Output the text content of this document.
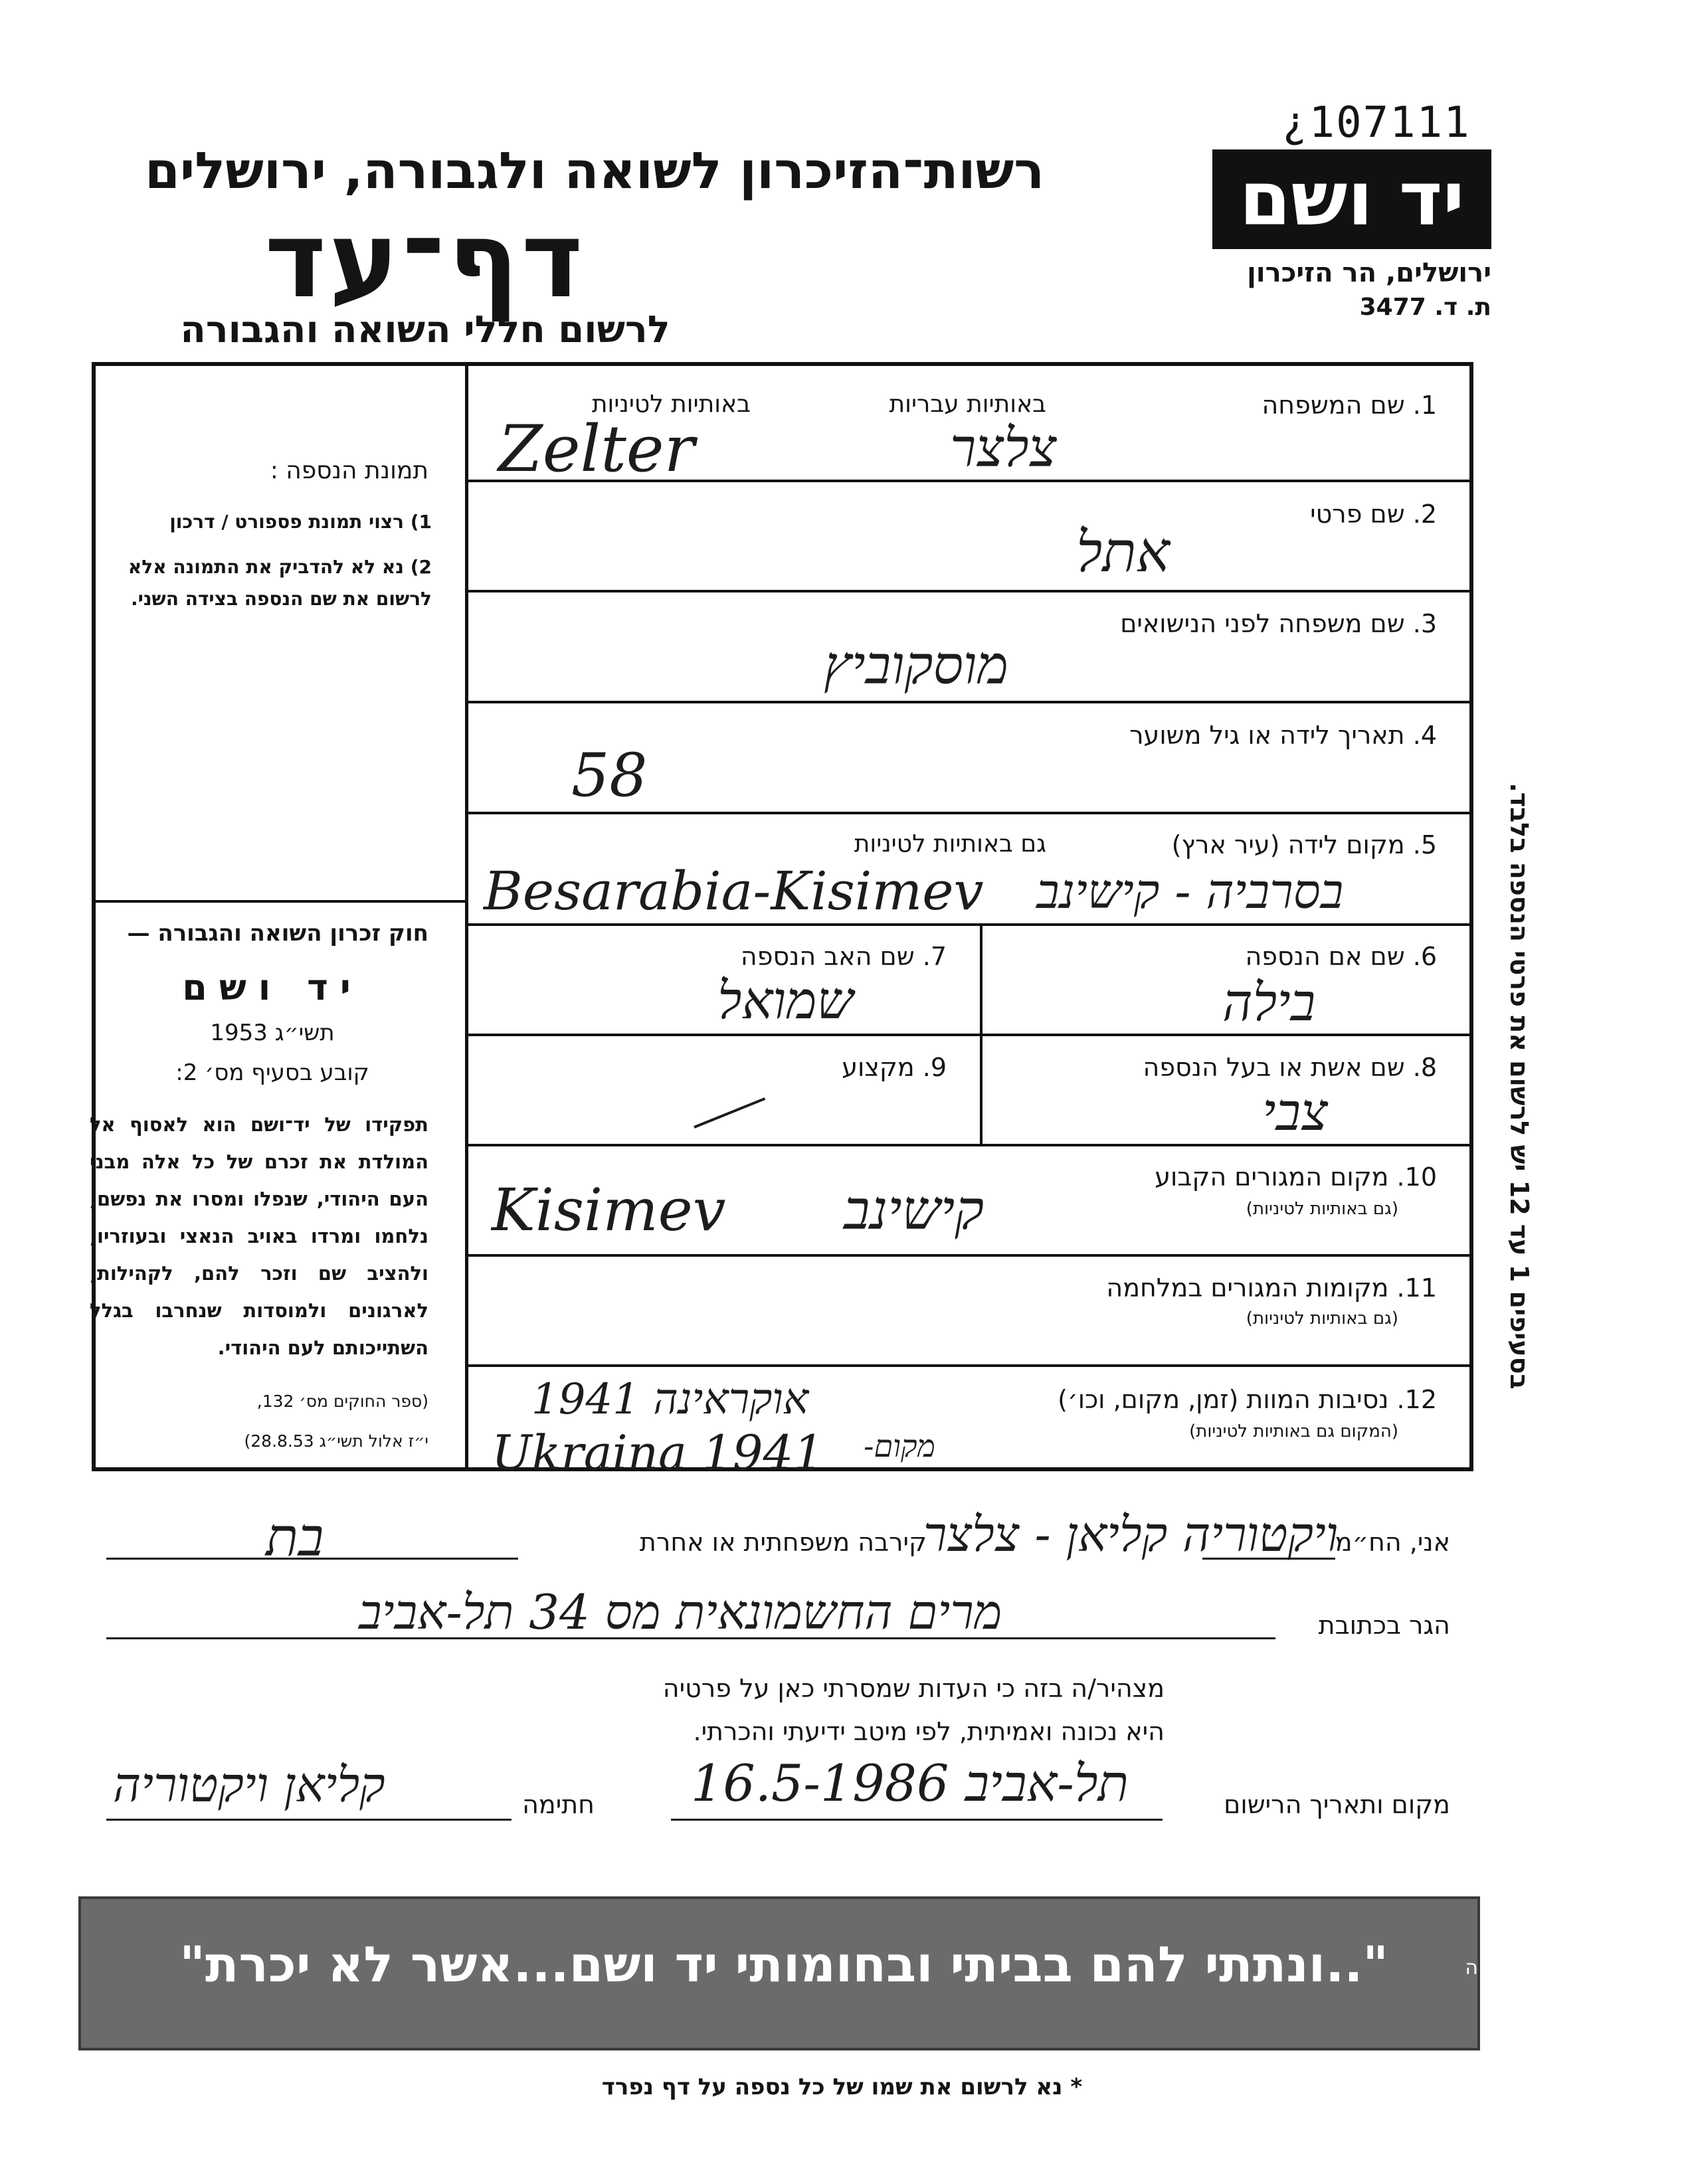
¿107111
יד ושם
ירושלים, הר הזיכרון
ת. ד. 3477
רשות־הזיכרון לשואה ולגבורה, ירושלים
דף־עד
לרשום חללי השואה והגבורה
תמונת הנספה :
1) רצוי תמונת פספורט / דרכון
2) נא לא להדביק את התמונה אלא לרשום את שם הנספה בצידה השני.
חוק זכרון השואה והגבורה —
יד ושם
תשי״ג 1953
קובע בסעיף מס׳ 2:
תפקידו של יד־ושם הוא לאסוף אל המולדת את זכרם של כל אלה מבני העם היהודי, שנפלו ומסרו את נפשם, נלחמו ומרדו באויב הנאצי ובעוזריו, ולהציב שם וזכר להם, לקהילות, לארגונים ולמוסדות שנחרבו בגלל השתייכותם לעם היהודי.
(ספר החוקים מס׳ 132,
י״ז אלול תשי״ג 28.8.53)
1. שם המשפחה
באותיות עבריות
באותיות לטיניות
צלצר
Zelter
2. שם פרטי
אתל
3. שם משפחה לפני הנישואים
מוסקוביץ
4. תאריך לידה או גיל משוער
58
5. מקום לידה (עיר ארץ)
גם באותיות לטיניות
בסרביה - קישינב
Besarabia-Kisimev
6. שם אם הנספה
בילה
7. שם האב הנספה
שמואל
8. שם אשת או בעל הנספה
צבי
9. מקצוע
10. מקום המגורים הקבוע
(גם באותיות לטיניות)
קישינב
Kisimev
11. מקומות המגורים במלחמה
(גם באותיות לטיניות)
12. נסיבות המוות (זמן, מקום, וכו׳)
(המקום גם באותיות לטיניות)
אוקראינה 1941
מקום-
Ukraina 1941
אני, הח״מ
ויקטוריה קליאן - צלצר
קירבה משפחתית או אחרת
בת
הגר בכתובת
מרים החשמונאית מס 34 תל-אביב
מצהיר/ה בזה כי העדות שמסרתי כאן על פרטיה
היא נכונה ואמיתית, לפי מיטב ידיעתי והכרתי.
מקום ותאריך הרישום
תל-אביב 16.5-1986
חתימה
קליאן ויקטוריה
"..ונתתי להם בביתי ובחומותי יד ושם...אשר לא יכרת"	ישעיהו נו, ה
* נא לרשום את שמו של כל נספה על דף נפרד
בסעיפים 1 עד 12 יש לרשום את פרטי הנספה בלבד.
